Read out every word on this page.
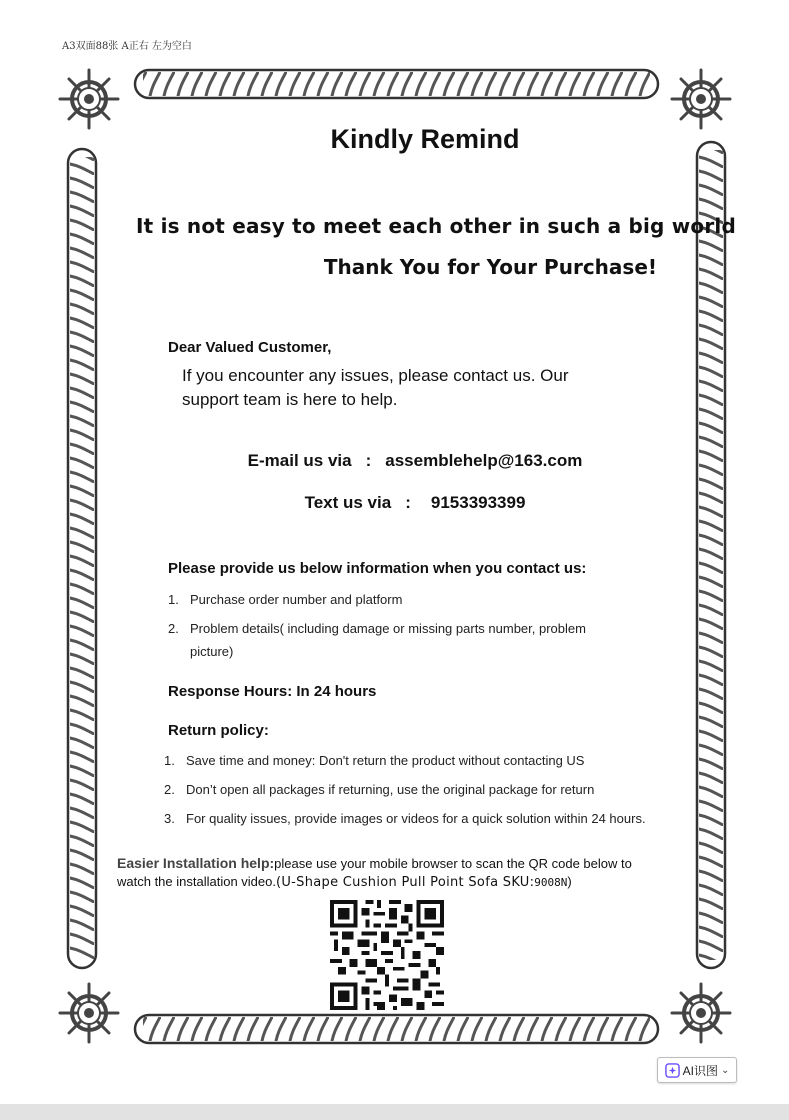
A3双面88张 A正右 左为空白
Kindly Remind
It is not easy to meet each other in such a big world
Thank You for Your Purchase!
Dear Valued Customer,
If you encounter any issues, please contact us. Our support team is here to help.
E-mail us via : assemblehelp@163.com
Text us via : 9153393399
Please provide us below information when you contact us:
1. Purchase order number and platform
2. Problem details( including damage or missing parts number, problem picture)
Response Hours: In 24 hours
Return policy:
1. Save time and money: Don't return the product without contacting US
2. Don’t open all packages if returning, use the original package for return
3. For quality issues, provide images or videos for a quick solution within 24 hours.
Easier Installation help:please use your mobile browser to scan the QR code below to watch the installation video.(U-Shape Cushion Pull Point Sofa SKU:9008N)
AI识图 ⌄
